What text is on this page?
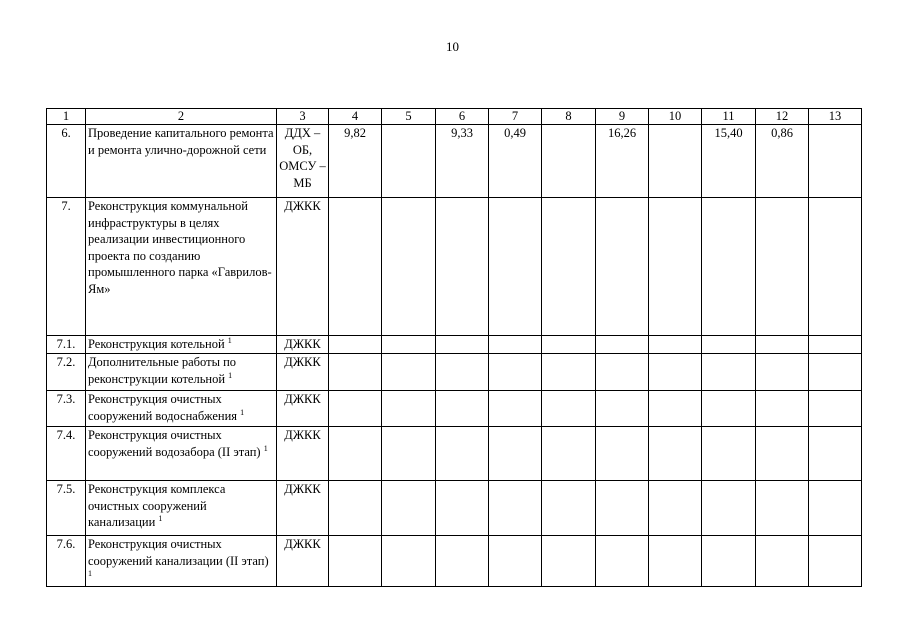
10
1	2	3	4	5	6	7	8	9	10	11	12	13
6.	Проведение капитального ремонта и ремонта улично-дорожной сети	ДДХ – ОБ, ОМСУ – МБ	9,82		9,33	0,49		16,26		15,40	0,86	
7.	Реконструкция коммунальной инфраструктуры в целях реализации инвестиционного проекта по созданию промышленного парка «Гаврилов-Ям»	ДЖКК										
7.1.	Реконструкция котельной $^1$	ДЖКК										
7.2.	Дополнительные работы по реконструкции котельной $^1$	ДЖКК										
7.3.	Реконструкция очистных сооружений водоснабжения $^1$	ДЖКК										
7.4.	Реконструкция очистных сооружений водозабора (II этап) $^1$	ДЖКК										
7.5.	Реконструкция комплекса очистных сооружений канализации $^1$	ДЖКК										
7.6.	Реконструкция очистных сооружений канализации (II этап) $^1$	ДЖКК										
